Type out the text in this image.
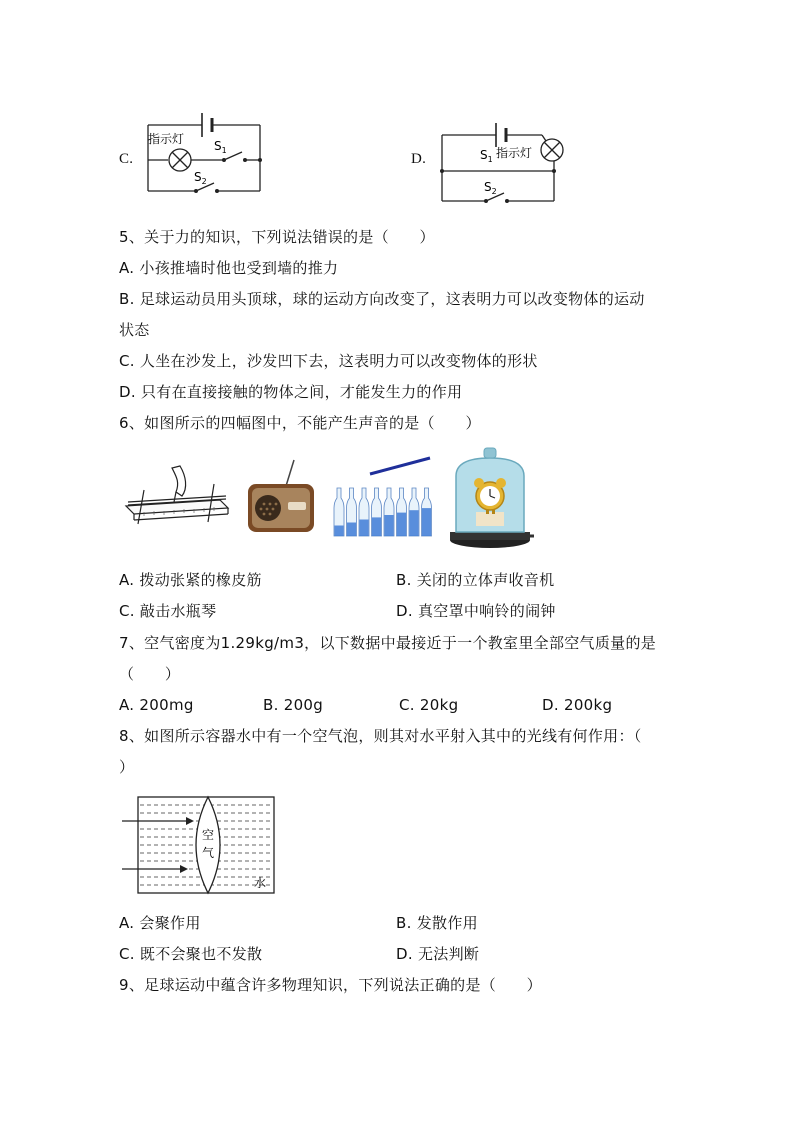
C.
指示灯 $S_1$
$S_2$
D.	$S_1$ 指示灯
$S_2$
5、关于力的知识，下列说法错误的是（　　）
A. 小孩推墙时他也受到墙的推力
B. 足球运动员用头顶球，球的运动方向改变了，这表明力可以改变物体的运动
状态
C. 人坐在沙发上，沙发凹下去，这表明力可以改变物体的形状
D. 只有在直接接触的物体之间，才能发生力的作用
6、如图所示的四幅图中，不能产生声音的是（　　）
A. 拨动张紧的橡皮筋	B. 关闭的立体声收音机
C. 敲击水瓶琴	D. 真空罩中响铃的闹钟
7、空气密度为1.29kg/m3，以下数据中最接近于一个教室里全部空气质量的是
（　　）
A. 200mg	B. 200g	C. 20kg	D. 200kg
8、如图所示容器水中有一个空气泡，则其对水平射入其中的光线有何作用：（
）
空
气
水
A. 会聚作用	B. 发散作用
C. 既不会聚也不发散	D. 无法判断
9、足球运动中蕴含许多物理知识，下列说法正确的是（　　）
